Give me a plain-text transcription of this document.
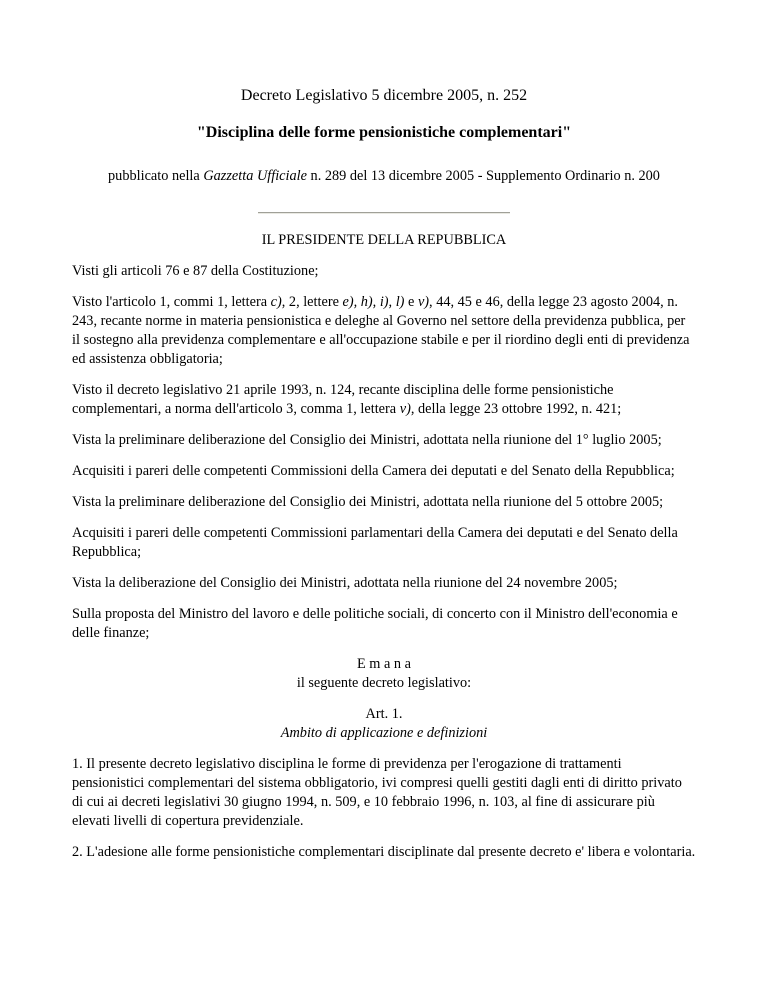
Decreto Legislativo 5 dicembre 2005, n. 252
"Disciplina delle forme pensionistiche complementari"

pubblicato nella Gazzetta Ufficiale n. 289 del 13 dicembre 2005 - Supplemento Ordinario n. 200

IL PRESIDENTE DELLA REPUBBLICA

Visti gli articoli 76 e 87 della Costituzione;

Visto l'articolo 1, commi 1, lettera c), 2, lettere e), h), i), l) e v), 44, 45 e 46, della legge 23 agosto 2004, n. 243, recante norme in materia pensionistica e deleghe al Governo nel settore della previdenza pubblica, per il sostegno alla previdenza complementare e all'occupazione stabile e per il riordino degli enti di previdenza ed assistenza obbligatoria;

Visto il decreto legislativo 21 aprile 1993, n. 124, recante disciplina delle forme pensionistiche complementari, a norma dell'articolo 3, comma 1, lettera v), della legge 23 ottobre 1992, n. 421;

Vista la preliminare deliberazione del Consiglio dei Ministri, adottata nella riunione del 1° luglio 2005;

Acquisiti i pareri delle competenti Commissioni della Camera dei deputati e del Senato della Repubblica;

Vista la preliminare deliberazione del Consiglio dei Ministri, adottata nella riunione del 5 ottobre 2005;

Acquisiti i pareri delle competenti Commissioni parlamentari della Camera dei deputati e del Senato della Repubblica;

Vista la deliberazione del Consiglio dei Ministri, adottata nella riunione del 24 novembre 2005;

Sulla proposta del Ministro del lavoro e delle politiche sociali, di concerto con il Ministro dell'economia e delle finanze;

E m a n a
il seguente decreto legislativo:

Art. 1.
Ambito di applicazione e definizioni

1. Il presente decreto legislativo disciplina le forme di previdenza per l'erogazione di trattamenti pensionistici complementari del sistema obbligatorio, ivi compresi quelli gestiti dagli enti di diritto privato di cui ai decreti legislativi 30 giugno 1994, n. 509, e 10 febbraio 1996, n. 103, al fine di assicurare più elevati livelli di copertura previdenziale.

2. L'adesione alle forme pensionistiche complementari disciplinate dal presente decreto e' libera e volontaria.
